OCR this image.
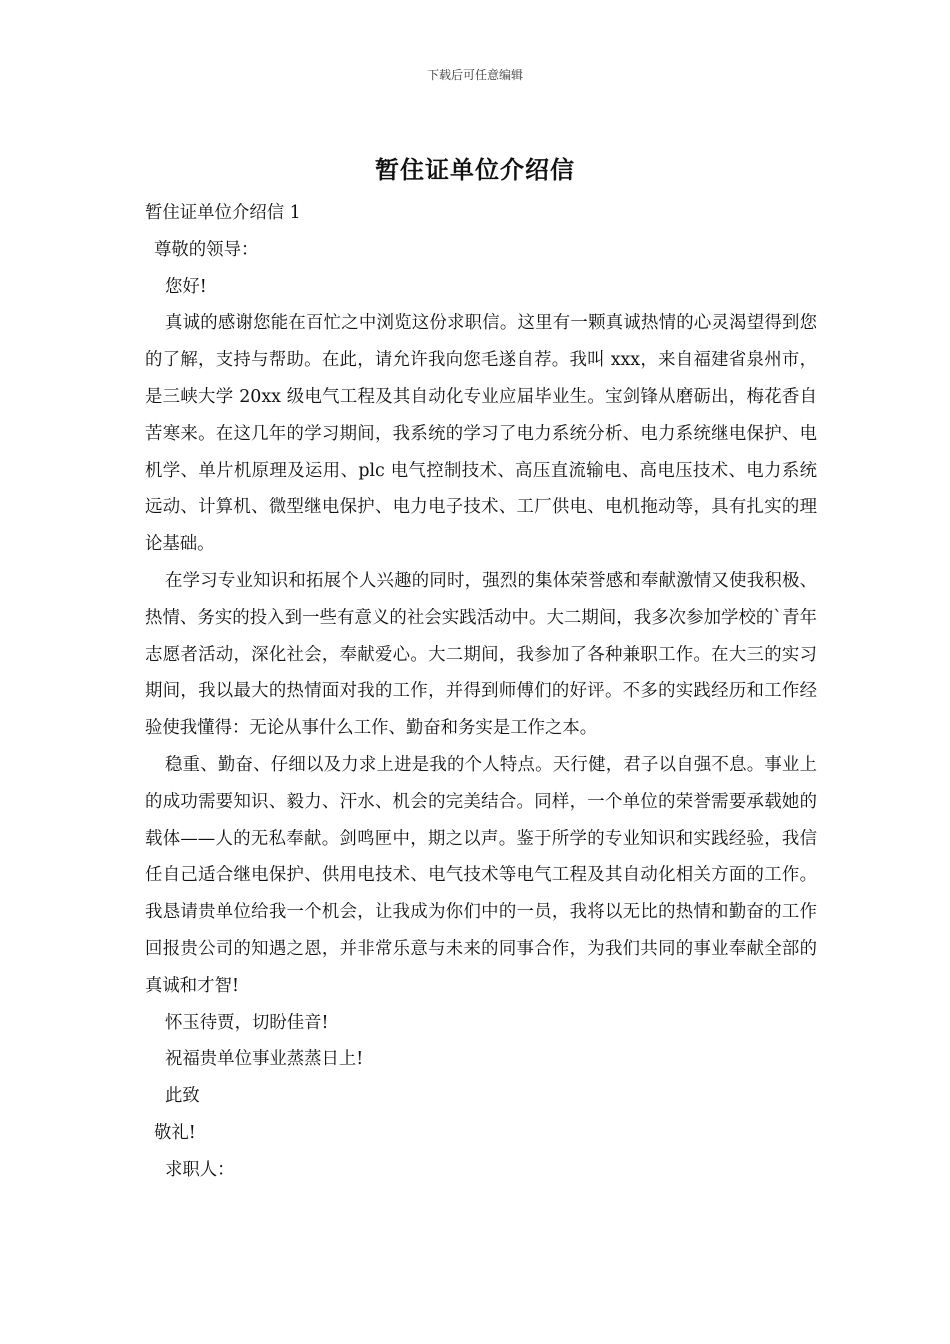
下载后可任意编辑
暂住证单位介绍信

暂住证单位介绍信 1

尊敬的领导：

您好!

真诚的感谢您能在百忙之中浏览这份求职信。这里有一颗真诚热情的心灵渴望得到您的了解，支持与帮助。在此，请允许我向您毛遂自荐。我叫 xxx，来自福建省泉州市，是三峡大学 20xx 级电气工程及其自动化专业应届毕业生。宝剑锋从磨砺出，梅花香自苦寒来。在这几年的学习期间，我系统的学习了电力系统分析、电力系统继电保护、电机学、单片机原理及运用、plc 电气控制技术、高压直流输电、高电压技术、电力系统远动、计算机、微型继电保护、电力电子技术、工厂供电、电机拖动等，具有扎实的理论基础。

在学习专业知识和拓展个人兴趣的同时，强烈的集体荣誉感和奉献激情又使我积极、热情、务实的投入到一些有意义的社会实践活动中。大二期间，我多次参加学校的`青年志愿者活动，深化社会，奉献爱心。大二期间，我参加了各种兼职工作。在大三的实习期间，我以最大的热情面对我的工作，并得到师傅们的好评。不多的实践经历和工作经验使我懂得：无论从事什么工作、勤奋和务实是工作之本。

稳重、勤奋、仔细以及力求上进是我的个人特点。天行健，君子以自强不息。事业上的成功需要知识、毅力、汗水、机会的完美结合。同样，一个单位的荣誉需要承载她的载体——人的无私奉献。剑鸣匣中，期之以声。鉴于所学的专业知识和实践经验，我信任自己适合继电保护、供用电技术、电气技术等电气工程及其自动化相关方面的工作。我恳请贵单位给我一个机会，让我成为你们中的一员，我将以无比的热情和勤奋的工作回报贵公司的知遇之恩，并非常乐意与未来的同事合作，为我们共同的事业奉献全部的真诚和才智!

怀玉待贾，切盼佳音!

祝福贵单位事业蒸蒸日上!

此致

敬礼!

求职人：
